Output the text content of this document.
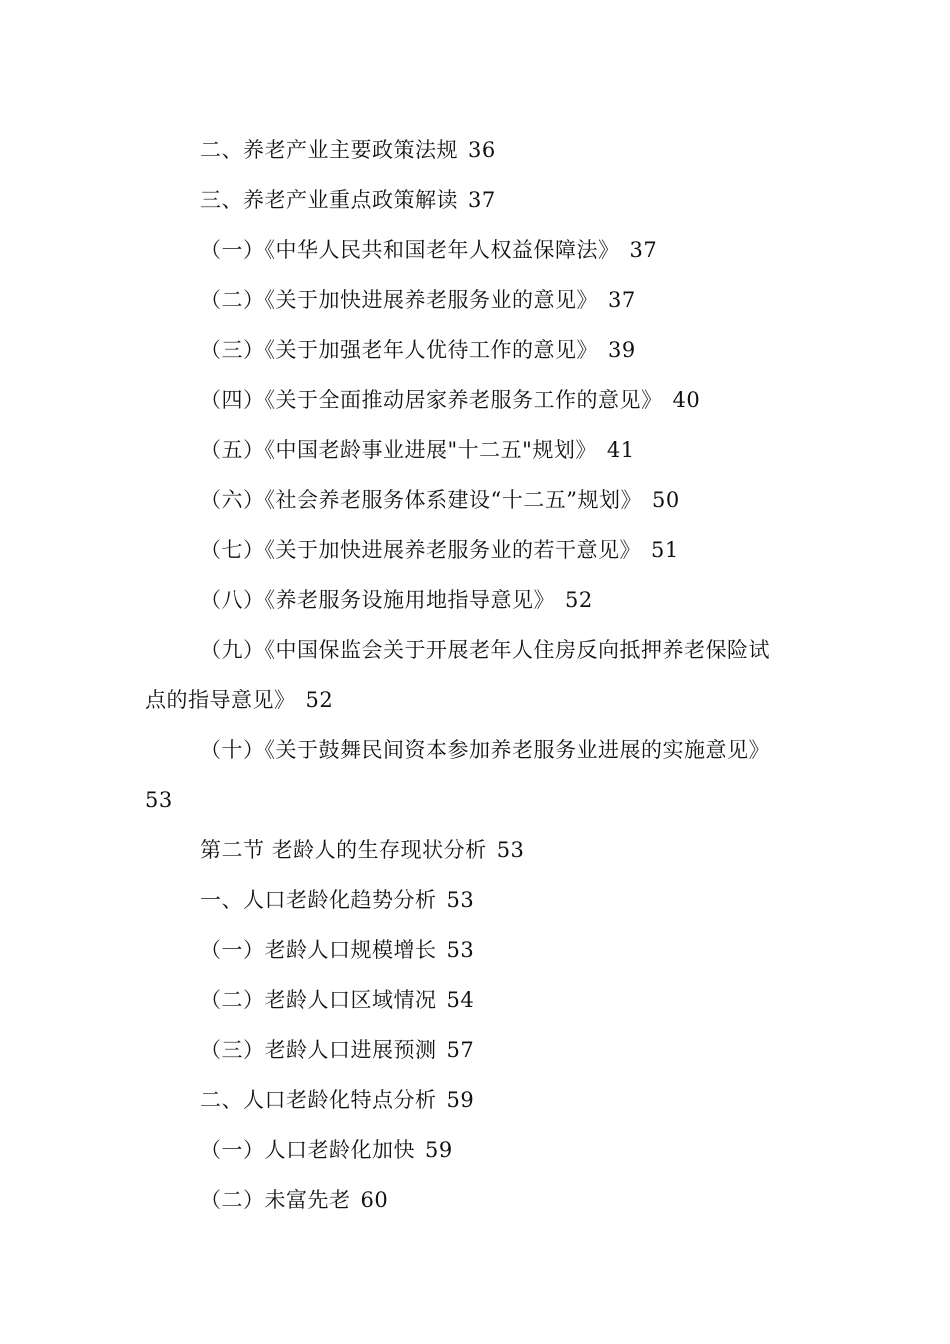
二、养老产业主要政策法规 36
三、养老产业重点政策解读 37
（一）《中华人民共和国老年人权益保障法》 37
（二）《关于加快进展养老服务业的意见》 37
（三）《关于加强老年人优待工作的意见》 39
（四）《关于全面推动居家养老服务工作的意见》 40
（五）《中国老龄事业进展"十二五"规划》 41
（六）《社会养老服务体系建设“十二五”规划》 50
（七）《关于加快进展养老服务业的若干意见》 51
（八）《养老服务设施用地指导意见》 52
（九）《中国保监会关于开展老年人住房反向抵押养老保险试
点的指导意见》 52
（十）《关于鼓舞民间资本参加养老服务业进展的实施意见》
53
第二节 老龄人的生存现状分析 53
一、人口老龄化趋势分析 53
（一）老龄人口规模增长 53
（二）老龄人口区域情况 54
（三）老龄人口进展预测 57
二、人口老龄化特点分析 59
（一）人口老龄化加快 59
（二）未富先老 60
